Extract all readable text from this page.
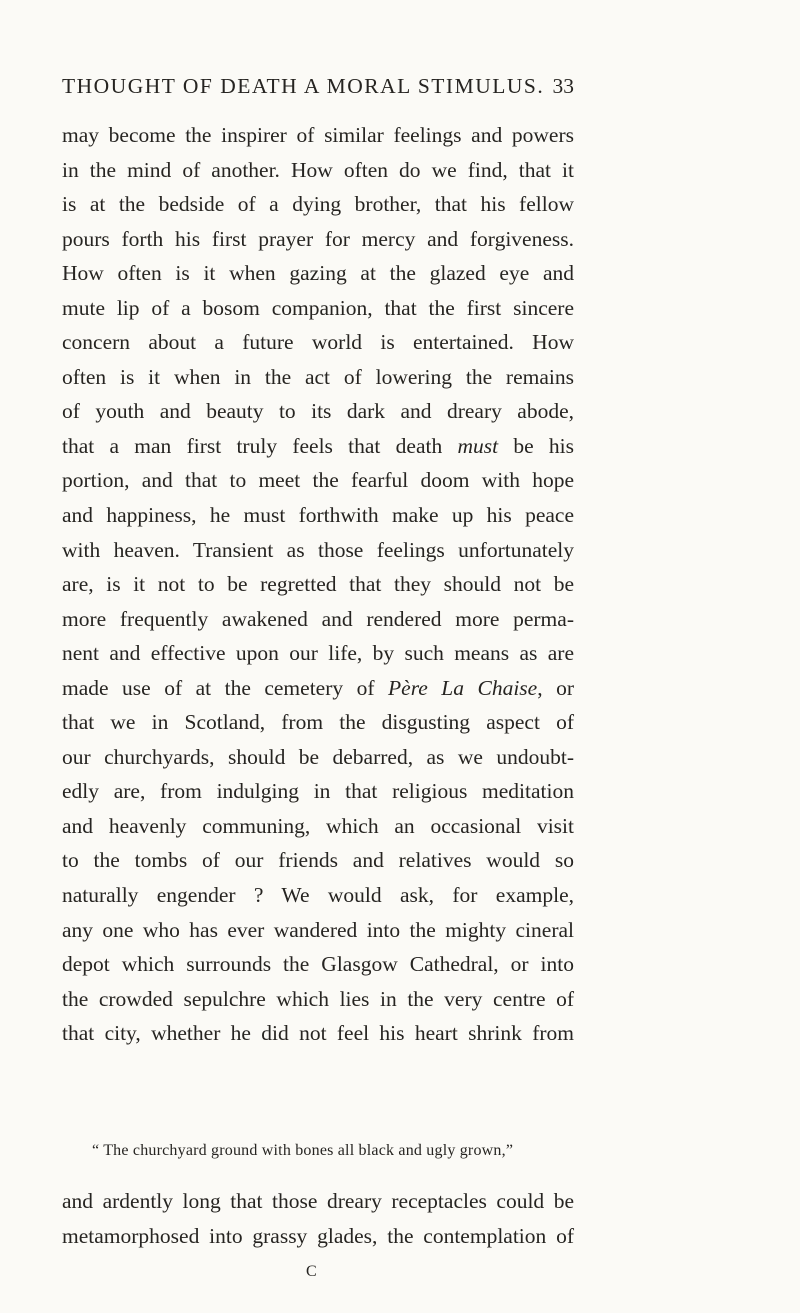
THOUGHT OF DEATH A MORAL STIMULUS. 33
may become the inspirer of similar feelings and powers
in the mind of another. How often do we find, that it
is at the bedside of a dying brother, that his fellow
pours forth his first prayer for mercy and forgiveness.
How often is it when gazing at the glazed eye and
mute lip of a bosom companion, that the first sincere
concern about a future world is entertained. How
often is it when in the act of lowering the remains
of youth and beauty to its dark and dreary abode,
that a man first truly feels that death must be his
portion, and that to meet the fearful doom with hope
and happiness, he must forthwith make up his peace
with heaven. Transient as those feelings unfortunately
are, is it not to be regretted that they should not be
more frequently awakened and rendered more perma-
nent and effective upon our life, by such means as are
made use of at the cemetery of Père La Chaise, or
that we in Scotland, from the disgusting aspect of
our churchyards, should be debarred, as we undoubt-
edly are, from indulging in that religious meditation
and heavenly communing, which an occasional visit
to the tombs of our friends and relatives would so
naturally engender ? We would ask, for example,
any one who has ever wandered into the mighty cineral
depot which surrounds the Glasgow Cathedral, or into
the crowded sepulchre which lies in the very centre of
that city, whether he did not feel his heart shrink from
“ The churchyard ground with bones all black and ugly grown,”
and ardently long that those dreary receptacles could be
metamorphosed into grassy glades, the contemplation of
C
